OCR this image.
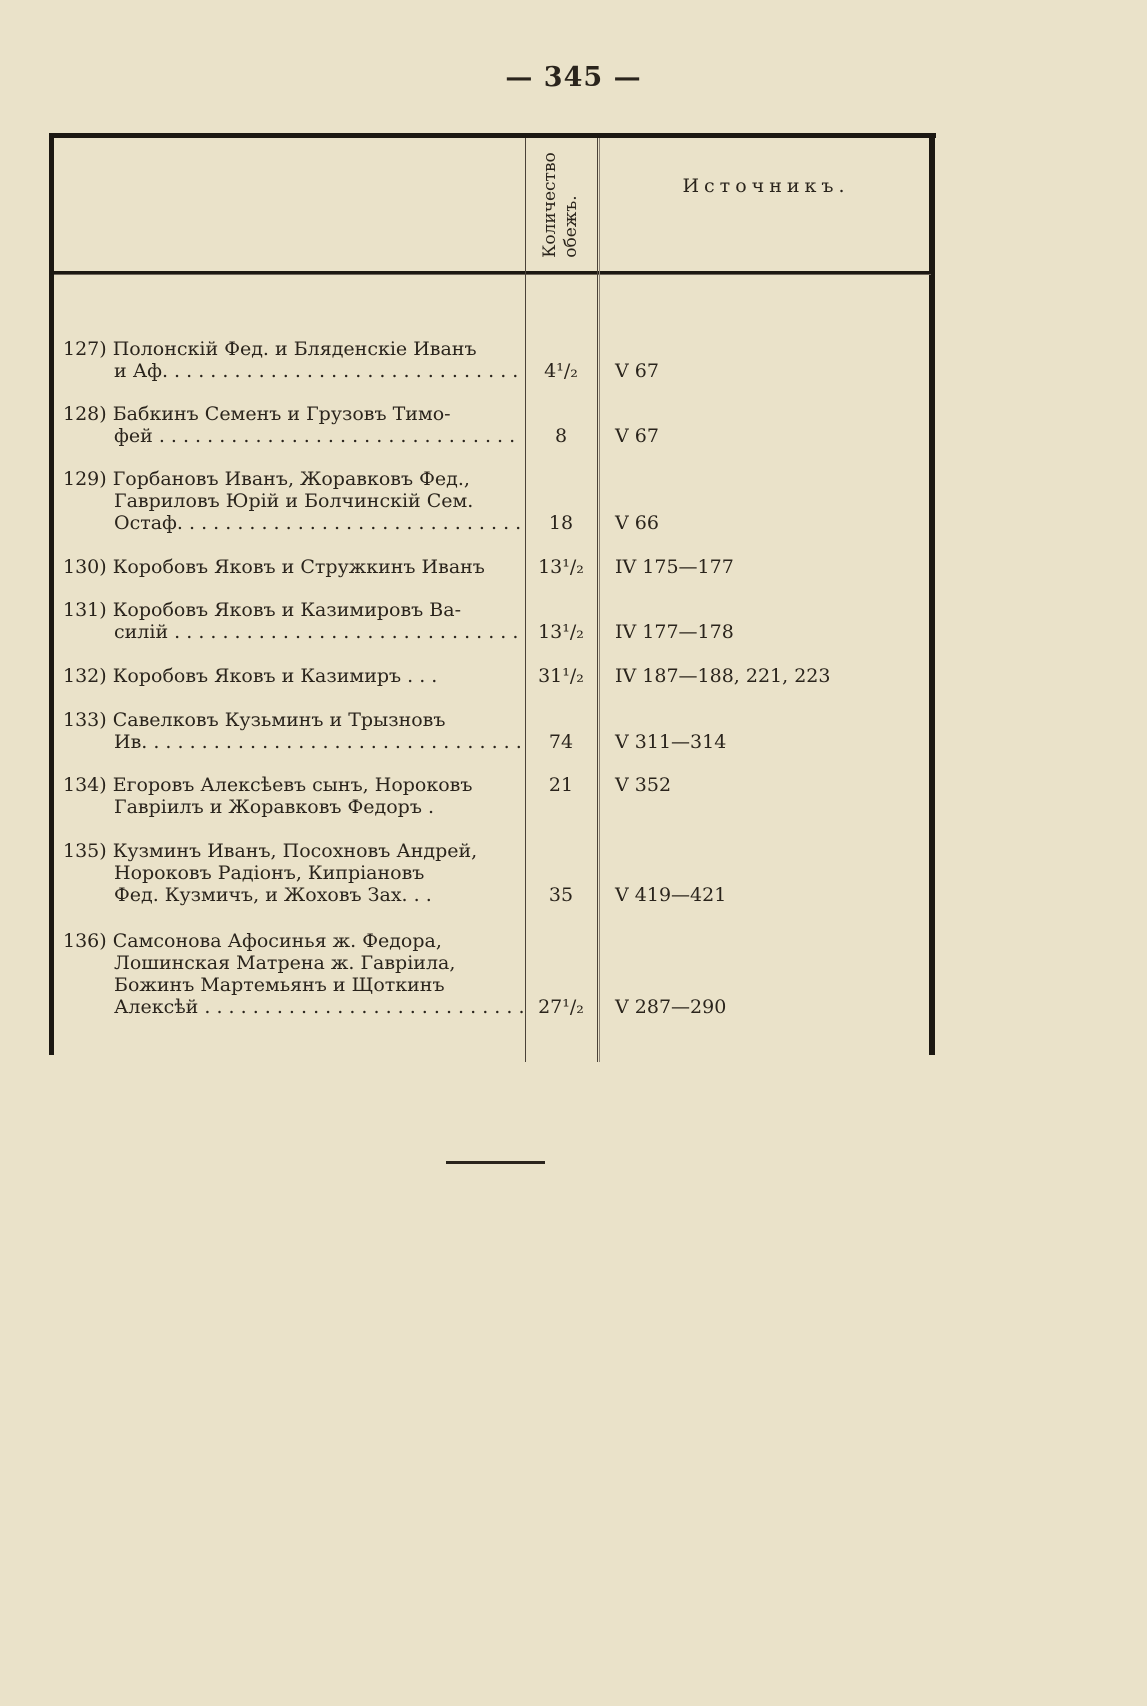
— 345 —
Количество обежъ.
Источникъ.
127) Полонскій Фед. и Бляденскіе Иванъ
и Аф. . . .	4¹/₂	V 67
128) Бабкинъ Семенъ и Грузовъ Тимо-
фей . . .	8	V 67
129) Горбановъ Иванъ, Жоравковъ Фед.,
Гавриловъ Юрій и Болчинскій Сем.
Остаф. . . .	18	V 66
130) Коробовъ Яковъ и Стружкинъ Иванъ	13¹/₂	IV 175—177
131) Коробовъ Яковъ и Казимировъ Ва-
силій . . .	13¹/₂	IV 177—178
132) Коробовъ Яковъ и Казимиръ . . .	31¹/₂	IV 187—188, 221, 223
133) Савелковъ Кузьминъ и Трызновъ
Ив. . . .	74	V 311—314
134) Егоровъ Алексѣевъ сынъ, Нороковъ
Гавріилъ и Жоравковъ Федоръ .
21	V 352
135) Кузминъ Иванъ, Посохновъ Андрей,
Нороковъ Радіонъ, Кипріановъ
Фед. Кузмичъ, и Жоховъ Зах. . .	35	V 419—421
136) Самсонова Афосинья ж. Федора,
Лошинская Матрена ж. Гавріила,
Божинъ Мартемьянъ и Щоткинъ
Алексѣй . . .	27¹/₂	V 287—290
